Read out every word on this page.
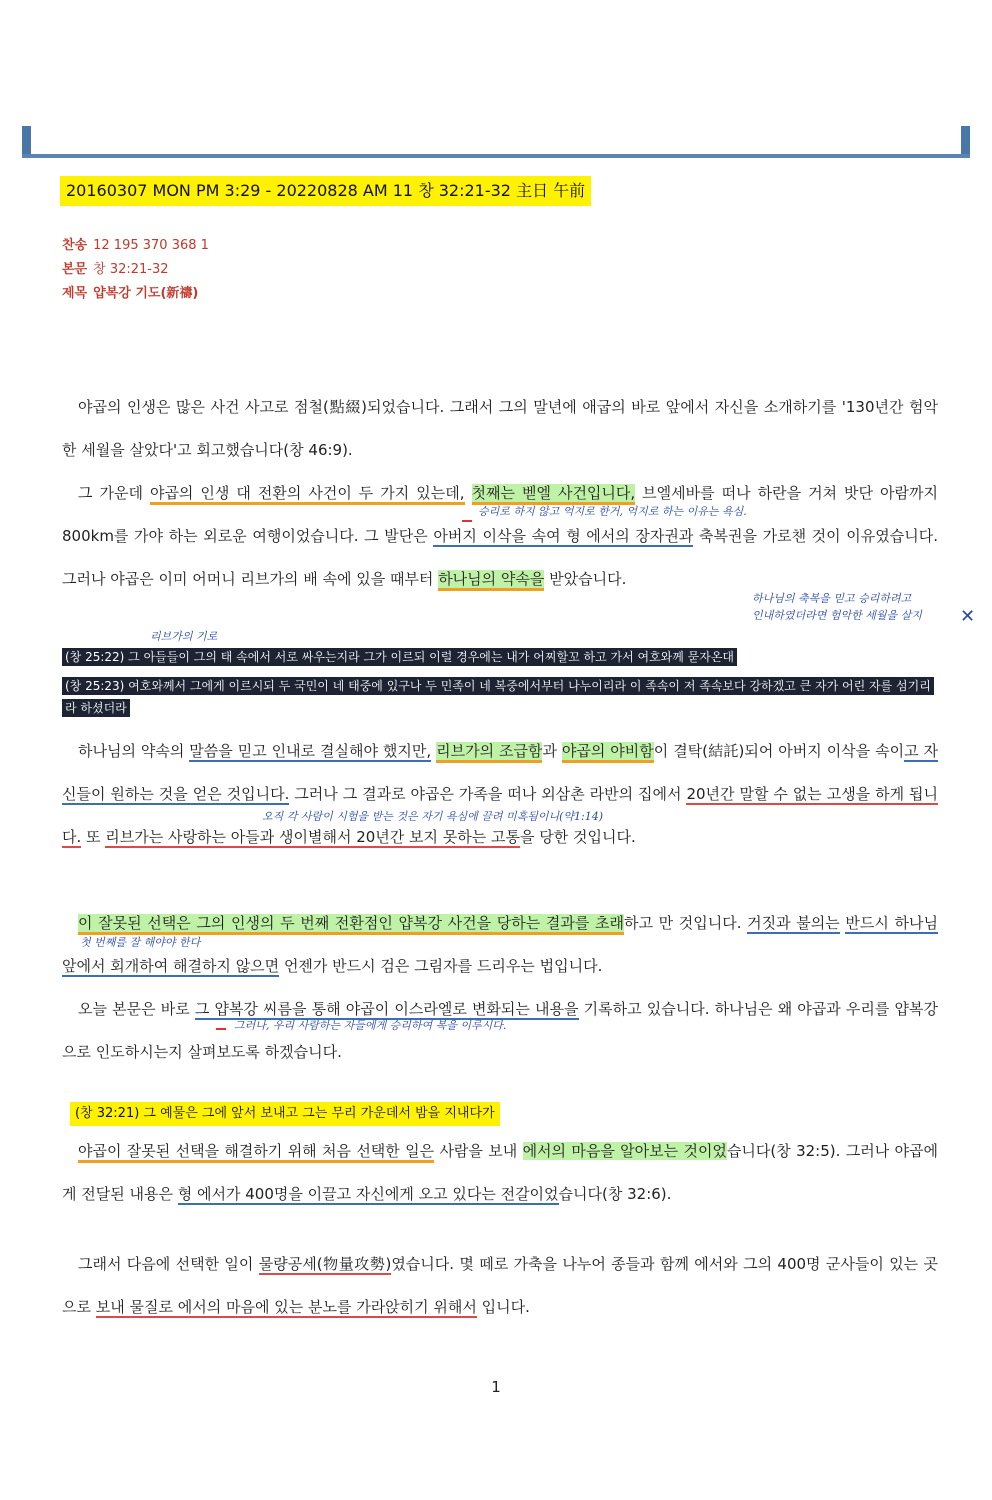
20160307 MON PM 3:29 - 20220828 AM 11 창 32:21-32 主日 午前
찬송 12 195 370 368 1
본문 창 32:21-32
제목 얍복강 기도(新禱)

야곱의 인생은 많은 사건 사고로 점철(點綴)되었습니다. 그래서 그의 말년에 애굽의 바로 앞에서 자신을 소개하기를 '130년간 험악한 세월을 살았다'고 회고했습니다(창 46:9).

그 가운데 야곱의 인생 대 전환의 사건이 두 가지 있는데, 첫째는 벧엘 사건입니다, 브엘세바를 떠나 하란을 거쳐 밧단 아람까지 800km를 가야 하는 외로운 여행이었습니다. 그 발단은 아버지 이삭을 속여 형 에서의 장자권과 축복권을 가로챈 것이 이유였습니다. 그러나 야곱은 이미 어머니 리브가의 배 속에 있을 때부터 하나님의 약속을 받았습니다.

(창 25:22) 그 아들들이 그의 태 속에서 서로 싸우는지라 그가 이르되 이럴 경우에는 내가 어찌할꼬 하고 가서 여호와께 묻자온대
(창 25:23) 여호와께서 그에게 이르시되 두 국민이 네 태중에 있구나 두 민족이 네 복중에서부터 나누이리라 이 족속이 저 족속보다 강하겠고 큰 자가 어린 자를 섬기리라 하셨더라

하나님의 약속의 말씀을 믿고 인내로 결실해야 했지만, 리브가의 조급함과 야곱의 야비함이 결탁(結託)되어 아버지 이삭을 속이고 자신들이 원하는 것을 얻은 것입니다. 그러나 그 결과로 야곱은 가족을 떠나 외삼촌 라반의 집에서 20년간 말할 수 없는 고생을 하게 됩니다. 또 리브가는 사랑하는 아들과 생이별해서 20년간 보지 못하는 고통을 당한 것입니다.

이 잘못된 선택은 그의 인생의 두 번째 전환점인 얍복강 사건을 당하는 결과를 초래하고 만 것입니다. 거짓과 불의는 반드시 하나님 앞에서 회개하여 해결하지 않으면 언젠가 반드시 검은 그림자를 드리우는 법입니다.

오늘 본문은 바로 그 얍복강 씨름을 통해 야곱이 이스라엘로 변화되는 내용을 기록하고 있습니다. 하나님은 왜 야곱과 우리를 얍복강으로 인도하시는지 살펴보도록 하겠습니다.

(창 32:21) 그 예물은 그에 앞서 보내고 그는 무리 가운데서 밤을 지내다가

야곱이 잘못된 선택을 해결하기 위해 처음 선택한 일은 사람을 보내 에서의 마음을 알아보는 것이었습니다(창 32:5). 그러나 야곱에게 전달된 내용은 형 에서가 400명을 이끌고 자신에게 오고 있다는 전갈이었습니다(창 32:6).

그래서 다음에 선택한 일이 물량공세(物量攻勢)였습니다. 몇 떼로 가축을 나누어 종들과 함께 에서와 그의 400명 군사들이 있는 곳으로 보내 물질로 에서의 마음에 있는 분노를 가라앉히기 위해서 입니다.

승리로 하지 않고 억지로 한거, 억지로 하는 이유는 욕심.
하나님의 축복을 믿고 승리하려고
인내하였더라면 험악한 세월을 살지 ✕
리브가의 기로
오직 각 사람이 시험을 받는 것은 자기 욕심에 끌려 미혹됨이니(약1:14)
첫 번째를 잘 해야야 한다
그러나, 우리 사람하는 자들에게 승리하여 복을 이루시다.
1
